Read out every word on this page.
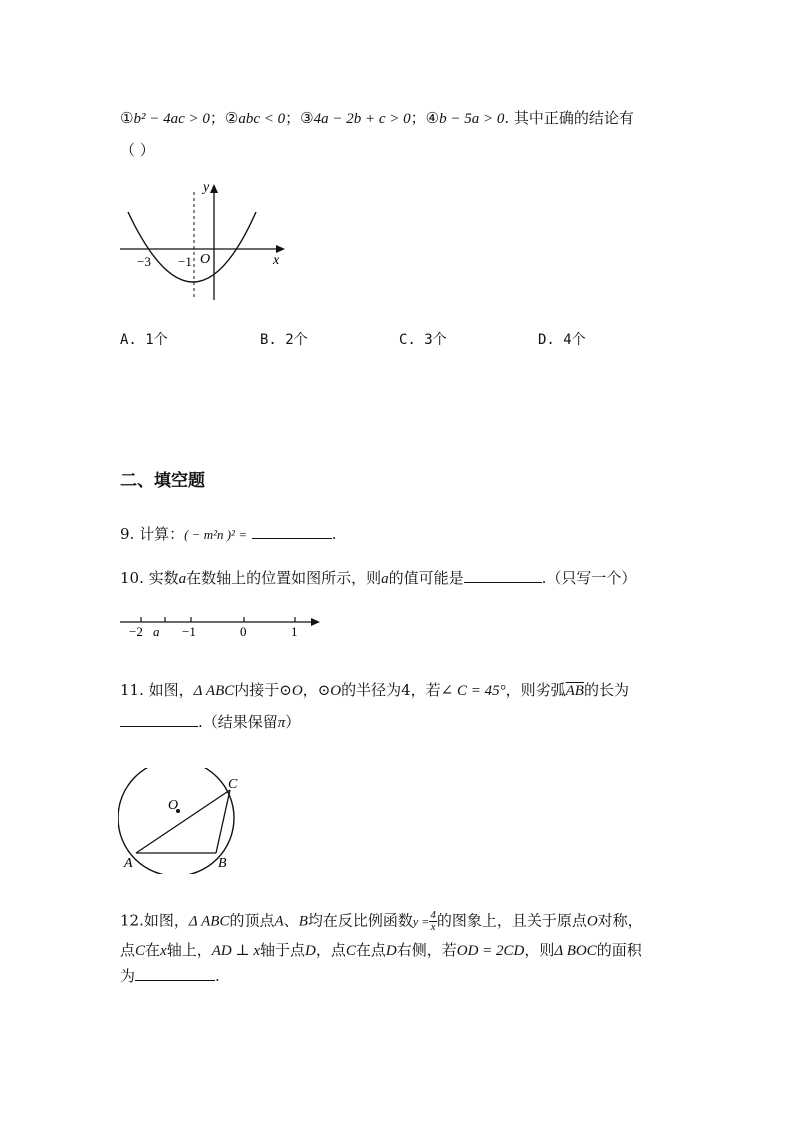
①b² − 4ac > 0；②abc < 0；③4a − 2b + c > 0；④b − 5a > 0. 其中正确的结论有
（ ）
y
x
O
−3 −1
A. 1个	B. 2个	C. 3个	D. 4个
二、填空题
9. 计算：( − m²n )² =	.
10. 实数a在数轴上的位置如图所示，则a的值可能是	.（只写一个）
−2 a −1	0	1
11. 如图，Δ ABC内接于⊙O，⊙O的半径为4，若∠ C = 45°，则劣弧$\overline{AB}$的长为
.（结果保留π）
O
A	B
C
12.如图，Δ ABC的顶点A、B均在反比例函数$y = \frac{4}{x}$ 的图象上，且关于原点O对称，
点C在x轴上，AD ⊥ x轴于点D，点C在点D右侧，若OD = 2CD，则Δ BOC的面积
为	.
